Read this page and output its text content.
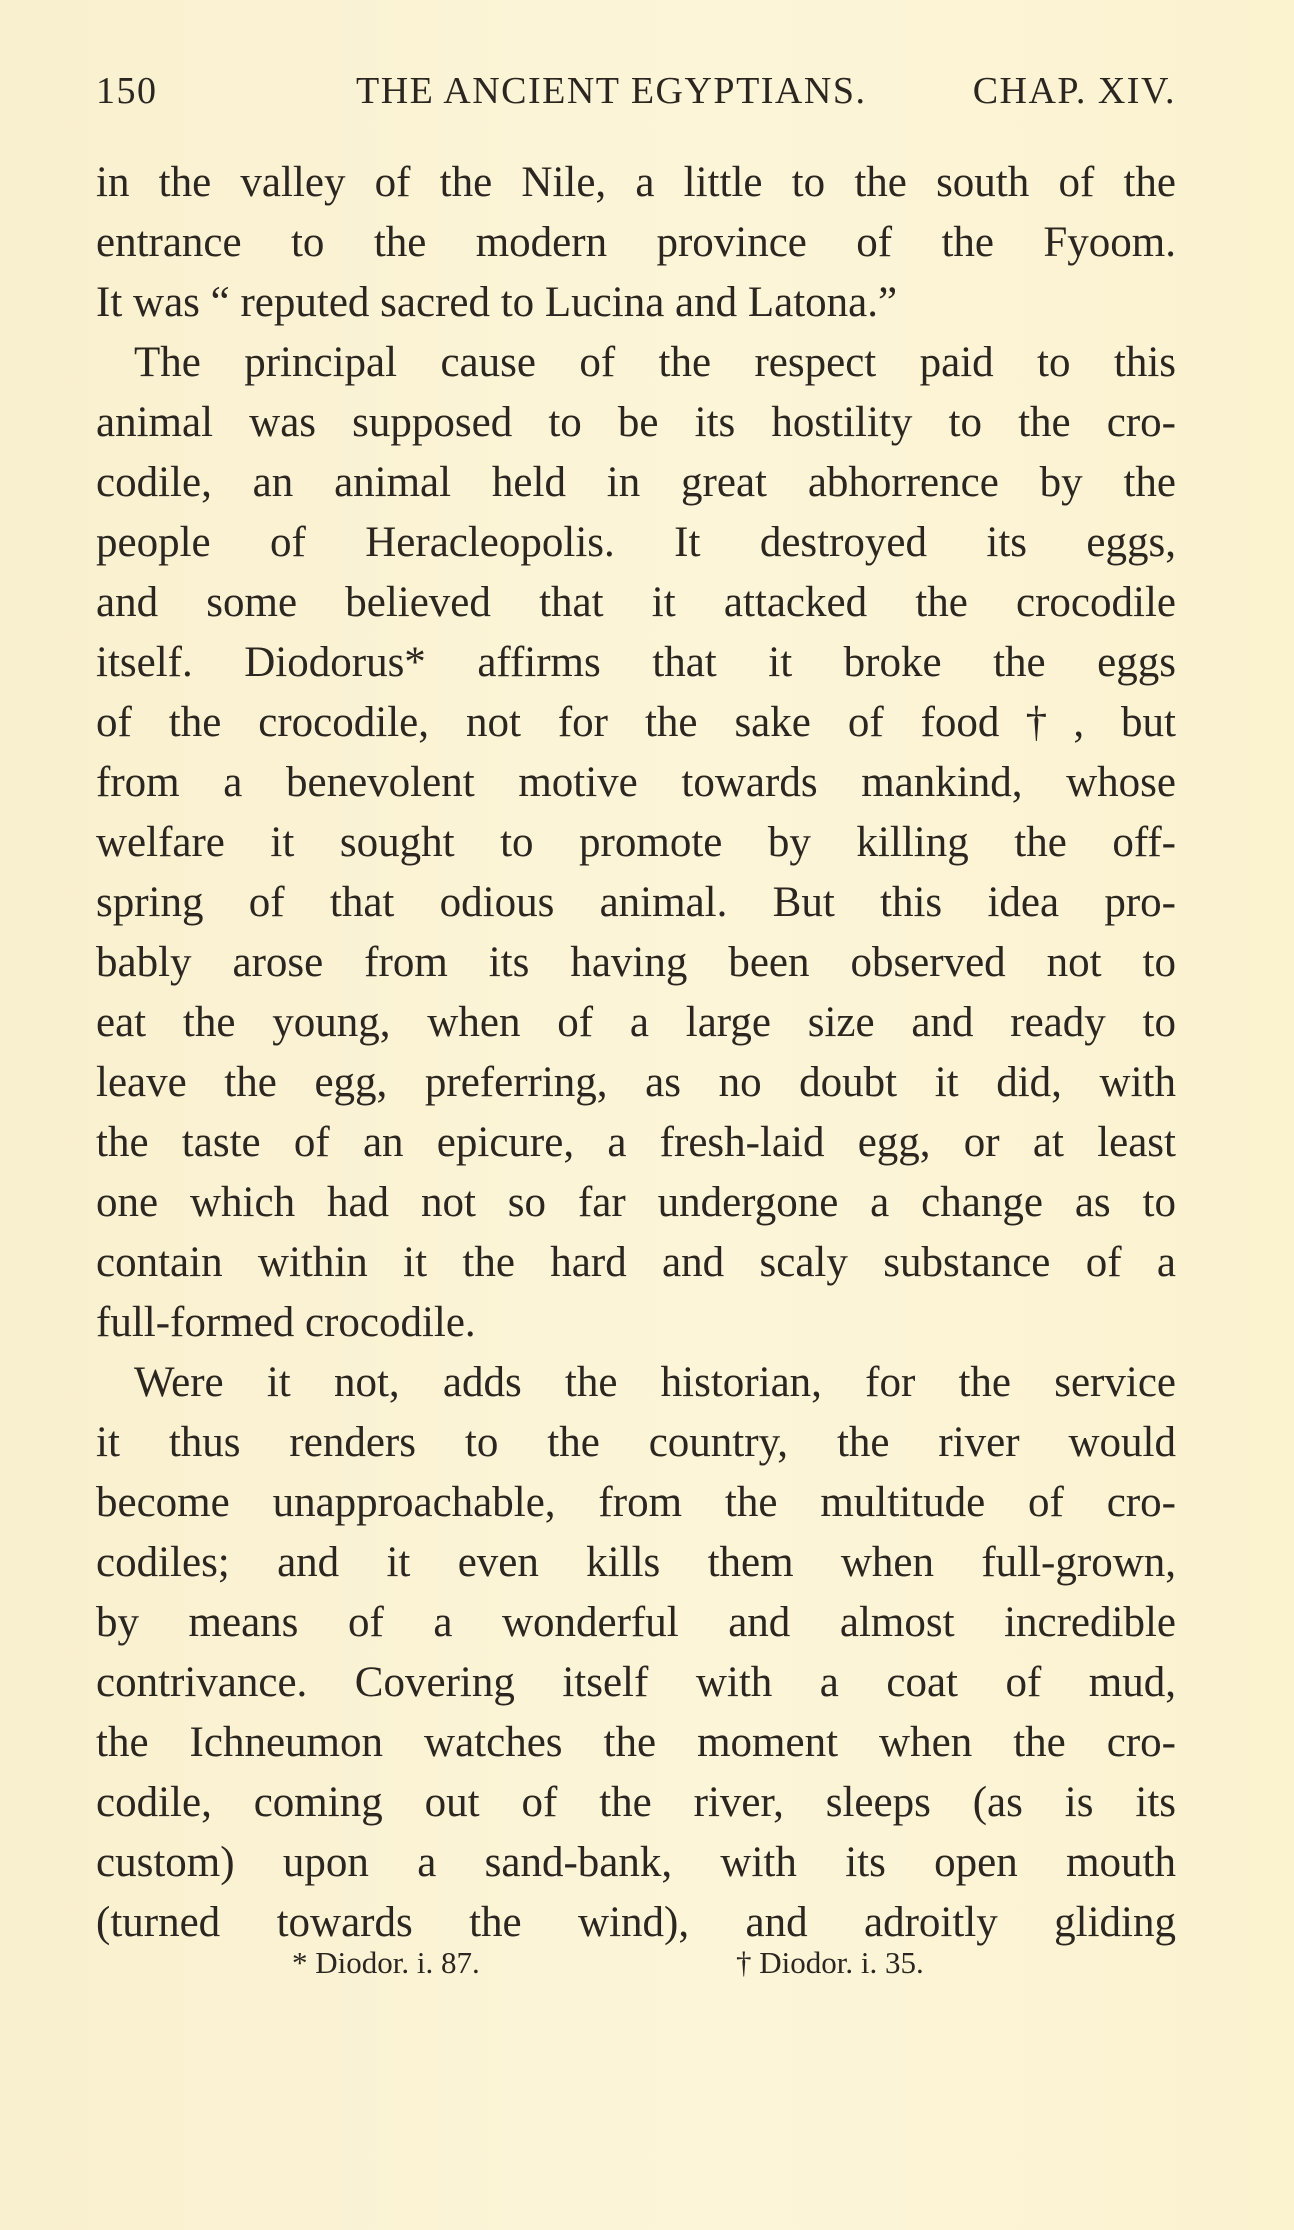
150	THE ANCIENT EGYPTIANS.	CHAP. XIV.
in the valley of the Nile, a little to the south of the
entrance to the modern province of the Fyoom.
It was “ reputed sacred to Lucina and Latona.”
The principal cause of the respect paid to this
animal was supposed to be its hostility to the cro-
codile, an animal held in great abhorrence by the
people of Heracleopolis. It destroyed its eggs,
and some believed that it attacked the crocodile
itself. Diodorus* affirms that it broke the eggs
of the crocodile, not for the sake of food†, but
from a benevolent motive towards mankind, whose
welfare it sought to promote by killing the off-
spring of that odious animal. But this idea pro-
bably arose from its having been observed not to
eat the young, when of a large size and ready to
leave the egg, preferring, as no doubt it did, with
the taste of an epicure, a fresh-laid egg, or at least
one which had not so far undergone a change as to
contain within it the hard and scaly substance of a
full-formed crocodile.
Were it not, adds the historian, for the service
it thus renders to the country, the river would
become unapproachable, from the multitude of cro-
codiles; and it even kills them when full-grown,
by means of a wonderful and almost incredible
contrivance. Covering itself with a coat of mud,
the Ichneumon watches the moment when the cro-
codile, coming out of the river, sleeps (as is its
custom) upon a sand-bank, with its open mouth
(turned towards the wind), and adroitly gliding
* Diodor. i. 87.	† Diodor. i. 35.
